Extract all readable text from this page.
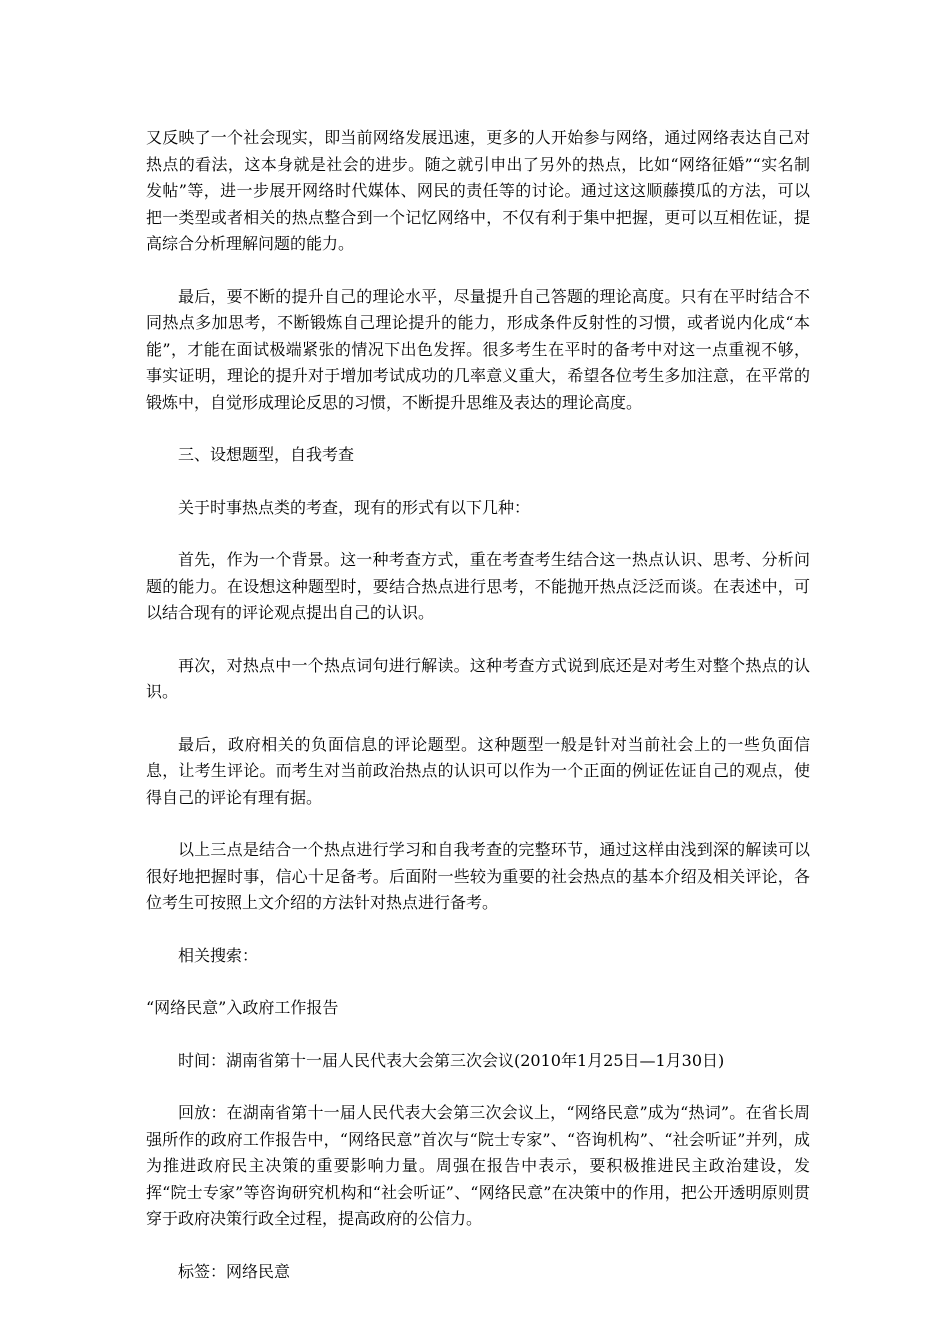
又反映了一个社会现实，即当前网络发展迅速，更多的人开始参与网络，通过网络表达自己对热点的看法，这本身就是社会的进步。随之就引申出了另外的热点，比如“网络征婚”“实名制发帖”等，进一步展开网络时代媒体、网民的责任等的讨论。通过这这顺藤摸瓜的方法，可以把一类型或者相关的热点整合到一个记忆网络中，不仅有利于集中把握，更可以互相佐证，提高综合分析理解问题的能力。

最后，要不断的提升自己的理论水平，尽量提升自己答题的理论高度。只有在平时结合不同热点多加思考，不断锻炼自己理论提升的能力，形成条件反射性的习惯，或者说内化成“本能”，才能在面试极端紧张的情况下出色发挥。很多考生在平时的备考中对这一点重视不够，事实证明，理论的提升对于增加考试成功的几率意义重大，希望各位考生多加注意，在平常的锻炼中，自觉形成理论反思的习惯，不断提升思维及表达的理论高度。

三、设想题型，自我考查

关于时事热点类的考查，现有的形式有以下几种：

首先，作为一个背景。这一种考查方式，重在考查考生结合这一热点认识、思考、分析问题的能力。在设想这种题型时，要结合热点进行思考，不能抛开热点泛泛而谈。在表述中，可以结合现有的评论观点提出自己的认识。

再次，对热点中一个热点词句进行解读。这种考查方式说到底还是对考生对整个热点的认识。

最后，政府相关的负面信息的评论题型。这种题型一般是针对当前社会上的一些负面信息，让考生评论。而考生对当前政治热点的认识可以作为一个正面的例证佐证自己的观点，使得自己的评论有理有据。

以上三点是结合一个热点进行学习和自我考查的完整环节，通过这样由浅到深的解读可以很好地把握时事，信心十足备考。后面附一些较为重要的社会热点的基本介绍及相关评论，各位考生可按照上文介绍的方法针对热点进行备考。

相关搜索：

“网络民意”入政府工作报告

时间：湖南省第十一届人民代表大会第三次会议(2010年1月25日—1月30日)

回放：在湖南省第十一届人民代表大会第三次会议上，“网络民意”成为“热词”。在省长周强所作的政府工作报告中，“网络民意”首次与“院士专家”、“咨询机构”、“社会听证”并列，成为推进政府民主决策的重要影响力量。周强在报告中表示，要积极推进民主政治建设，发挥“院士专家”等咨询研究机构和“社会听证”、“网络民意”在决策中的作用，把公开透明原则贯穿于政府决策行政全过程，提高政府的公信力。

标签：网络民意
